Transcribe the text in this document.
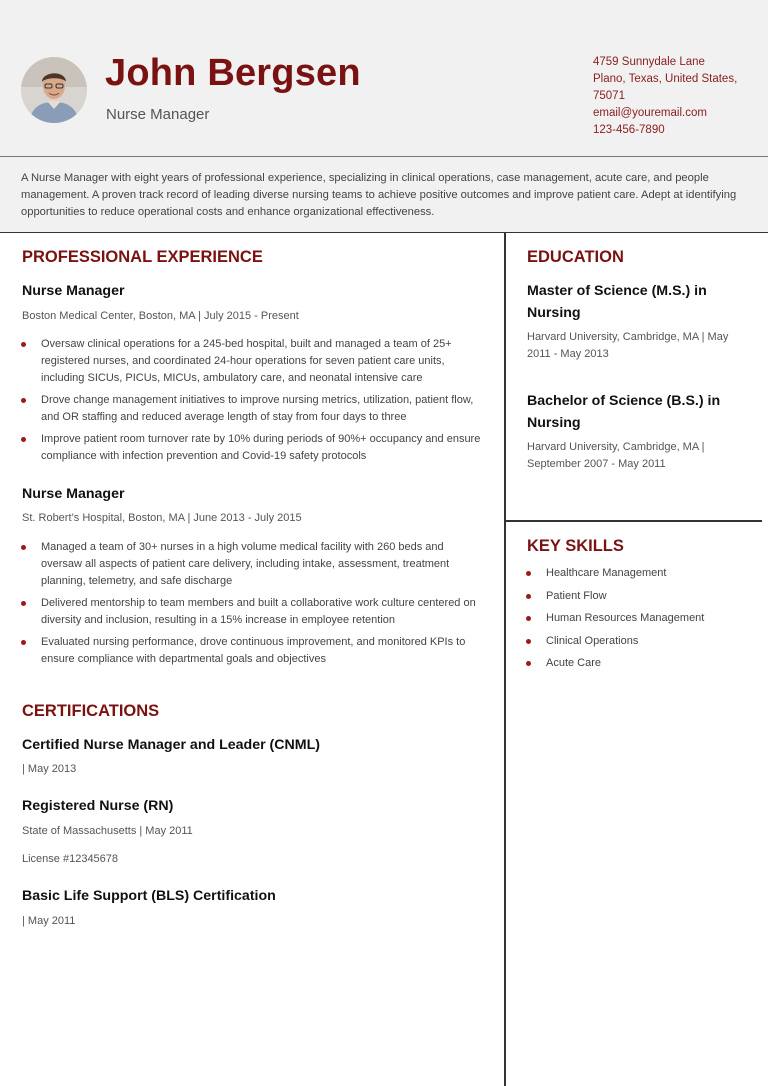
John Bergsen
Nurse Manager
4759 Sunnydale Lane
Plano, Texas, United States,
75071
email@youremail.com
123-456-7890

A Nurse Manager with eight years of professional experience, specializing in clinical operations, case management, acute care, and people management. A proven track record of leading diverse nursing teams to achieve positive outcomes and improve patient care. Adept at identifying opportunities to reduce operational costs and enhance organizational effectiveness.

PROFESSIONAL EXPERIENCE
Nurse Manager
Boston Medical Center, Boston, MA | July 2015 - Present
Oversaw clinical operations for a 245-bed hospital, built and managed a team of 25+ registered nurses, and coordinated 24-hour operations for seven patient care units, including SICUs, PICUs, MICUs, ambulatory care, and neonatal intensive care
Drove change management initiatives to improve nursing metrics, utilization, patient flow, and OR staffing and reduced average length of stay from four days to three
Improve patient room turnover rate by 10% during periods of 90%+ occupancy and ensure compliance with infection prevention and Covid-19 safety protocols
Nurse Manager
St. Robert’s Hospital, Boston, MA | June 2013 - July 2015
Managed a team of 30+ nurses in a high volume medical facility with 260 beds and oversaw all aspects of patient care delivery, including intake, assessment, treatment planning, telemetry, and safe discharge
Delivered mentorship to team members and built a collaborative work culture centered on diversity and inclusion, resulting in a 15% increase in employee retention
Evaluated nursing performance, drove continuous improvement, and monitored KPIs to ensure compliance with departmental goals and objectives
CERTIFICATIONS
Certified Nurse Manager and Leader (CNML)
| May 2013
Registered Nurse (RN)
State of Massachusetts | May 2011
License #12345678
Basic Life Support (BLS) Certification
| May 2011
EDUCATION
Master of Science (M.S.) in
Nursing
Harvard University, Cambridge, MA | May
2011 - May 2013
Bachelor of Science (B.S.) in
Nursing
Harvard University, Cambridge, MA |
September 2007 - May 2011
KEY SKILLS
Healthcare Management
Patient Flow
Human Resources Management
Clinical Operations
Acute Care
